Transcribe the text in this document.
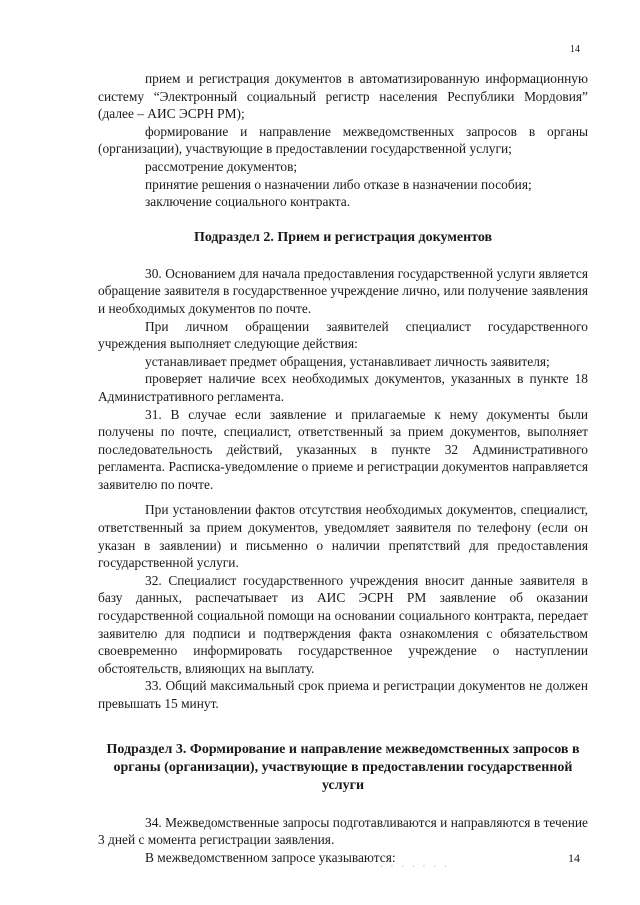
14

прием и регистрация документов в автоматизированную информационную систему “Электронный социальный регистр населения Республики Мордовия” (далее – АИС ЭСРН РМ);

формирование и направление межведомственных запросов в органы (организации), участвующие в предоставлении государственной услуги;

рассмотрение документов;

принятие решения о назначении либо отказе в назначении пособия;

заключение социального контракта.

Подраздел 2. Прием и регистрация документов

30. Основанием для начала предоставления государственной услуги является обращение заявителя в государственное учреждение лично, или получение заявления и необходимых документов по почте.

При личном обращении заявителей специалист государственного учреждения выполняет следующие действия:

устанавливает предмет обращения, устанавливает личность заявителя;

проверяет наличие всех необходимых документов, указанных в пункте 18 Административного регламента.

31. В случае если заявление и прилагаемые к нему документы были получены по почте, специалист, ответственный за прием документов, выполняет последовательность действий, указанных в пункте 32 Административного регламента. Расписка-уведомление о приеме и регистрации документов направляется заявителю по почте.

При установлении фактов отсутствия необходимых документов, специалист, ответственный за прием документов, уведомляет заявителя по телефону (если он указан в заявлении) и письменно о наличии препятствий для предоставления государственной услуги.

32. Специалист государственного учреждения вносит данные заявителя в базу данных, распечатывает из АИС ЭСРН РМ заявление об оказании государственной социальной помощи на основании социального контракта, передает заявителю для подписи и подтверждения факта ознакомления с обязательством своевременно информировать государственное учреждение о наступлении обстоятельств, влияющих на выплату.

33. Общий максимальный срок приема и регистрации документов не должен превышать 15 минут.

Подраздел 3. Формирование и направление межведомственных запросов в органы (организации), участвующие в предоставлении государственной услуги

34. Межведомственные запросы подготавливаются и направляются в течение 3 дней с момента регистрации заявления.

В межведомственном запросе указываются:

· · · · · · ·
14
